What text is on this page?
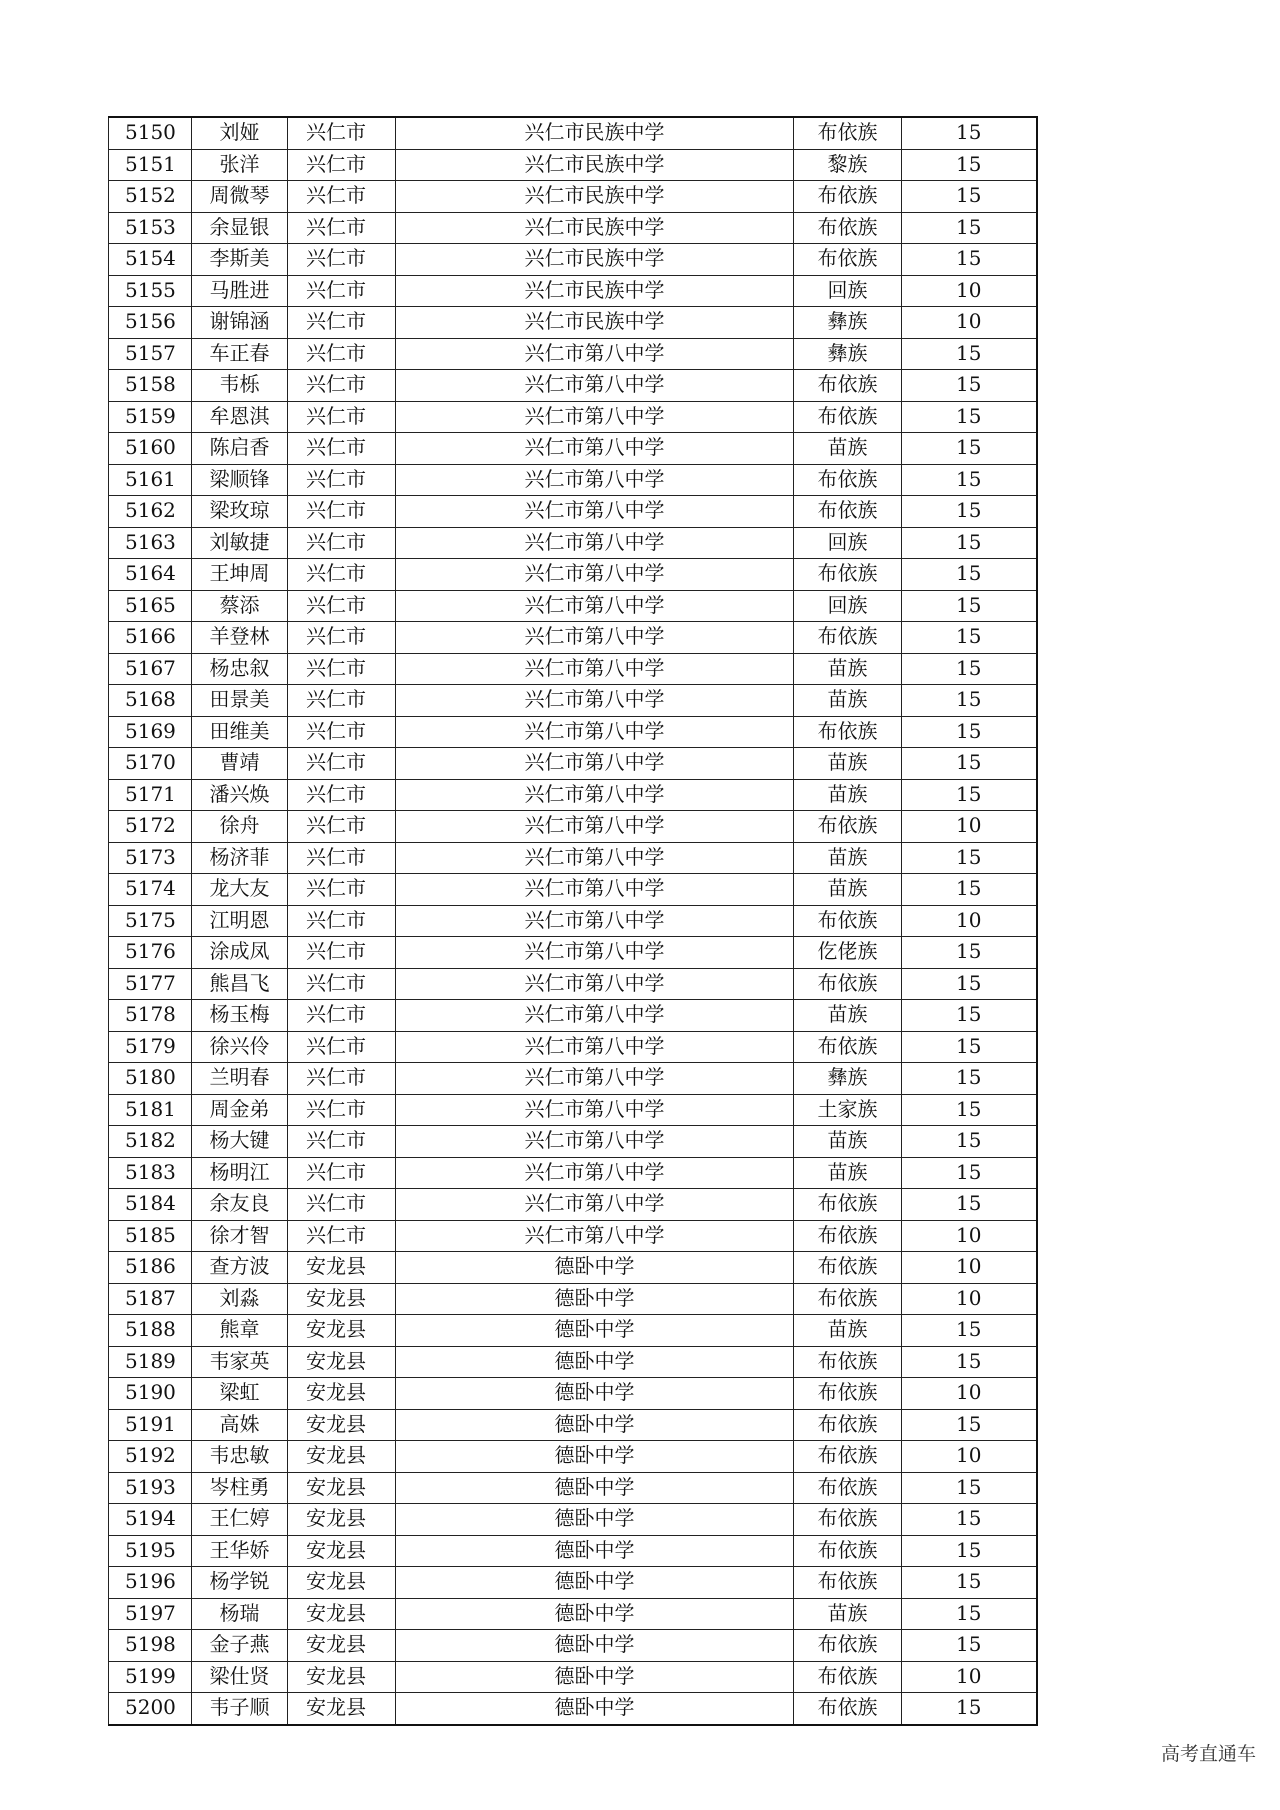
5150	刘娅	兴仁市	兴仁市民族中学	布依族	15
5151	张洋	兴仁市	兴仁市民族中学	黎族	15
5152	周微琴	兴仁市	兴仁市民族中学	布依族	15
5153	余显银	兴仁市	兴仁市民族中学	布依族	15
5154	李斯美	兴仁市	兴仁市民族中学	布依族	15
5155	马胜进	兴仁市	兴仁市民族中学	回族	10
5156	谢锦涵	兴仁市	兴仁市民族中学	彝族	10
5157	车正春	兴仁市	兴仁市第八中学	彝族	15
5158	韦栎	兴仁市	兴仁市第八中学	布依族	15
5159	牟恩淇	兴仁市	兴仁市第八中学	布依族	15
5160	陈启香	兴仁市	兴仁市第八中学	苗族	15
5161	梁顺锋	兴仁市	兴仁市第八中学	布依族	15
5162	梁玫琼	兴仁市	兴仁市第八中学	布依族	15
5163	刘敏捷	兴仁市	兴仁市第八中学	回族	15
5164	王坤周	兴仁市	兴仁市第八中学	布依族	15
5165	蔡添	兴仁市	兴仁市第八中学	回族	15
5166	羊登林	兴仁市	兴仁市第八中学	布依族	15
5167	杨忠叙	兴仁市	兴仁市第八中学	苗族	15
5168	田景美	兴仁市	兴仁市第八中学	苗族	15
5169	田维美	兴仁市	兴仁市第八中学	布依族	15
5170	曹靖	兴仁市	兴仁市第八中学	苗族	15
5171	潘兴焕	兴仁市	兴仁市第八中学	苗族	15
5172	徐舟	兴仁市	兴仁市第八中学	布依族	10
5173	杨济菲	兴仁市	兴仁市第八中学	苗族	15
5174	龙大友	兴仁市	兴仁市第八中学	苗族	15
5175	江明恩	兴仁市	兴仁市第八中学	布依族	10
5176	涂成凤	兴仁市	兴仁市第八中学	仡佬族	15
5177	熊昌飞	兴仁市	兴仁市第八中学	布依族	15
5178	杨玉梅	兴仁市	兴仁市第八中学	苗族	15
5179	徐兴伶	兴仁市	兴仁市第八中学	布依族	15
5180	兰明春	兴仁市	兴仁市第八中学	彝族	15
5181	周金弟	兴仁市	兴仁市第八中学	土家族	15
5182	杨大键	兴仁市	兴仁市第八中学	苗族	15
5183	杨明江	兴仁市	兴仁市第八中学	苗族	15
5184	余友良	兴仁市	兴仁市第八中学	布依族	15
5185	徐才智	兴仁市	兴仁市第八中学	布依族	10
5186	查方波	安龙县	德卧中学	布依族	10
5187	刘淼	安龙县	德卧中学	布依族	10
5188	熊章	安龙县	德卧中学	苗族	15
5189	韦家英	安龙县	德卧中学	布依族	15
5190	梁虹	安龙县	德卧中学	布依族	10
5191	高姝	安龙县	德卧中学	布依族	15
5192	韦忠敏	安龙县	德卧中学	布依族	10
5193	岑柱勇	安龙县	德卧中学	布依族	15
5194	王仁婷	安龙县	德卧中学	布依族	15
5195	王华娇	安龙县	德卧中学	布依族	15
5196	杨学锐	安龙县	德卧中学	布依族	15
5197	杨瑞	安龙县	德卧中学	苗族	15
5198	金子燕	安龙县	德卧中学	布依族	15
5199	梁仕贤	安龙县	德卧中学	布依族	10
5200	韦子顺	安龙县	德卧中学	布依族	15
高考直通车
